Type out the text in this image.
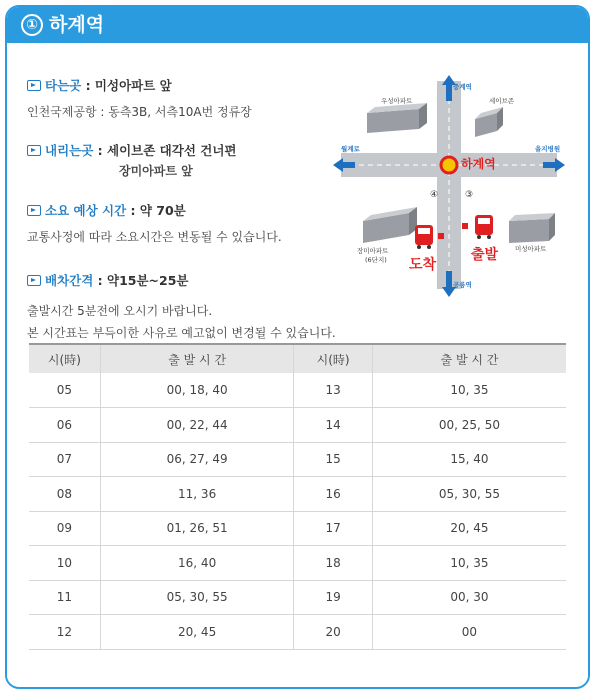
① 하계역
타는곳 : 미성아파트 앞
인천국제공항 : 동측3B, 서측10A번 정류장
내리는곳 : 세이브존 대각선 건너편
장미아파트 앞
소요 예상 시간 : 약 70분
교통사정에 따라 소요시간은 변동될 수 있습니다.
배차간격 : 약15분~25분
출발시간 5분전에 오시기 바랍니다.
본 시간표는 부득이한 사유로 예고없이 변경될 수 있습니다.
중계역
공릉역
월계로	을지병원
하계역
우성아파트	세이브존
장미아파트
(6단지)
미성아파트
④	③
도착
출발
시(時)	출 발 시 간	시(時)	출 발 시 간
05	00, 18, 40	13	10, 35
06	00, 22, 44	14	00, 25, 50
07	06, 27, 49	15	15, 40
08	11, 36	16	05, 30, 55
09	01, 26, 51	17	20, 45
10	16, 40	18	10, 35
11	05, 30, 55	19	00, 30
12	20, 45	20	00
